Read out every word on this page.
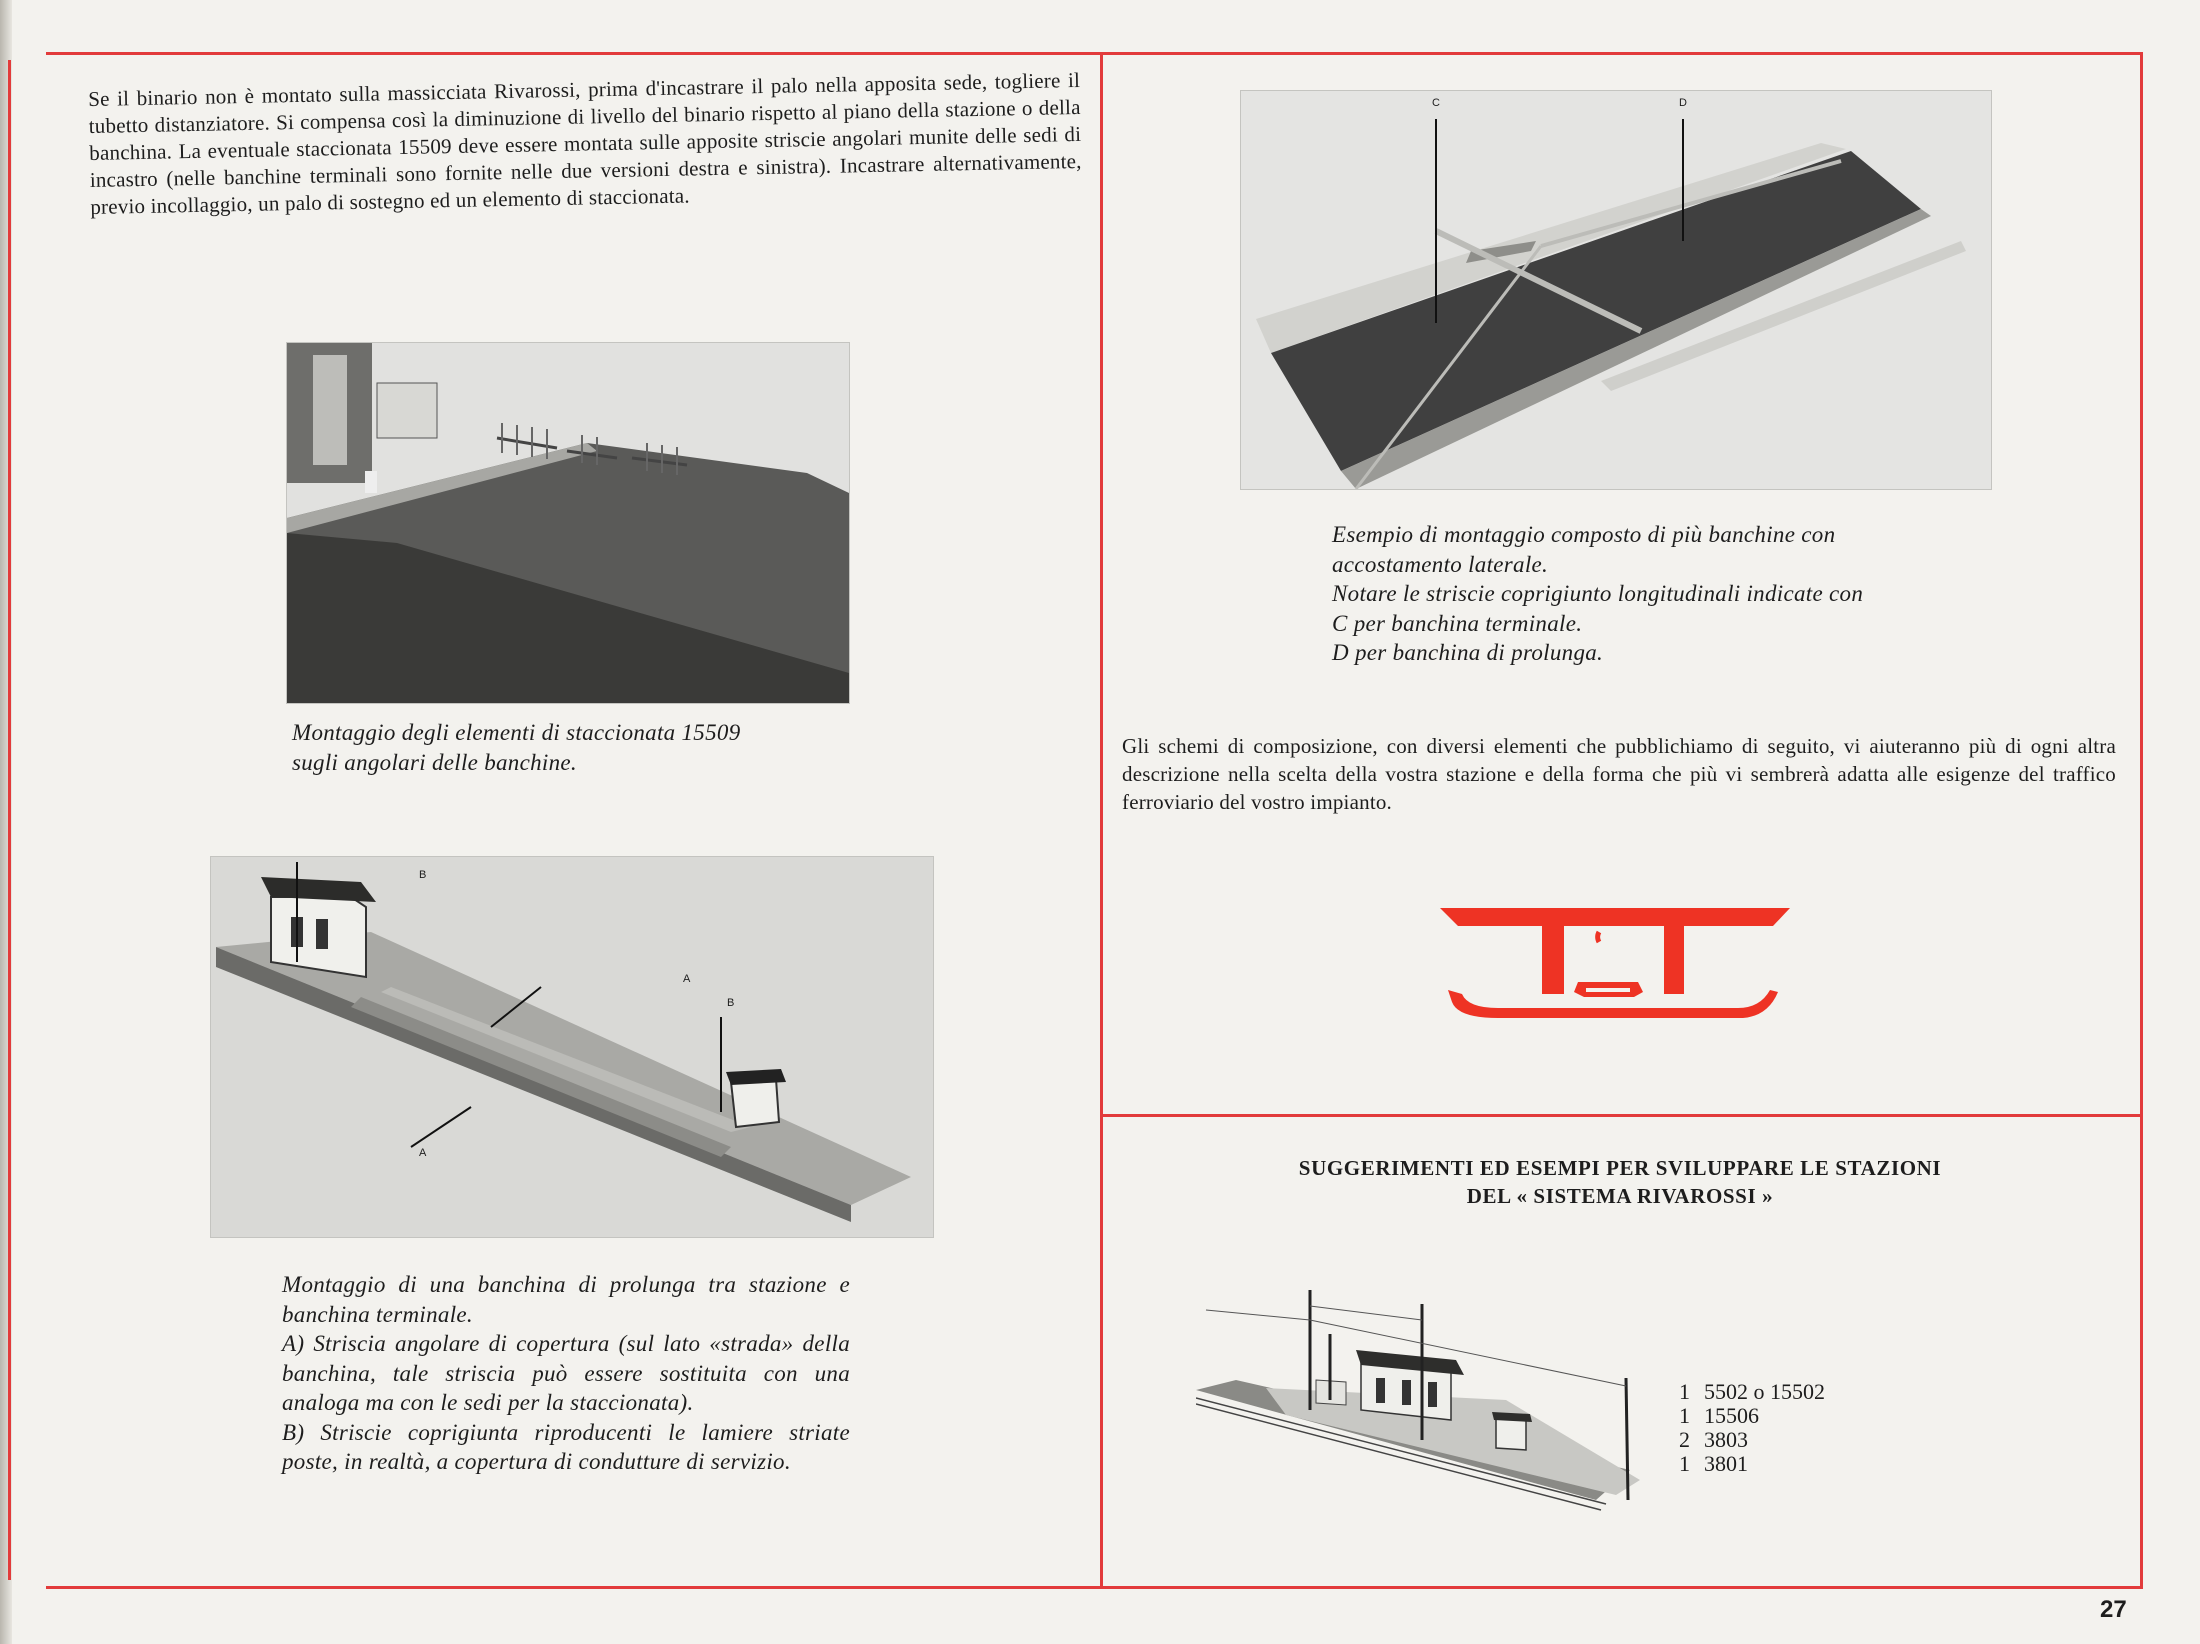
Se il binario non è montato sulla massicciata Rivarossi, prima d'incastrare il palo nella apposita sede, togliere il tubetto distanziatore. Si compensa così la diminuzione di livello del binario rispetto al piano della stazione o della banchina. La eventuale staccionata 15509 deve essere montata sulle apposite striscie angolari munite delle sedi di incastro (nelle banchine terminali sono fornite nelle due versioni destra e sinistra). Incastrare alternativamente, previo incollaggio, un palo di sostegno ed un elemento di staccionata.

Montaggio degli elementi di staccionata 15509

sugli angolari delle banchine.

B
A
B
A

Montaggio di una banchina di prolunga tra stazione e banchina terminale.

A) Striscia angolare di copertura (sul lato «strada» della banchina, tale striscia può essere sostituita con una analoga ma con le sedi per la staccionata).

B) Striscie coprigiunta riproducenti le lamiere striate poste, in realtà, a copertura di condutture di servizio.

C	D

Esempio di montaggio composto di più banchine con accostamento laterale.

Notare le striscie coprigiunto longitudinali indicate con

C per banchina terminale.

D per banchina di prolunga.

Gli schemi di composizione, con diversi elementi che pubblichiamo di seguito, vi aiuteranno più di ogni altra descrizione nella scelta della vostra stazione e della forma che più vi sembrerà adatta alle esigenze del traffico ferroviario del vostro impianto.

SUGGERIMENTI ED ESEMPI PER SVILUPPARE LE STAZIONI
DEL « SISTEMA RIVAROSSI »
1 5502 o 15502
1 15506
2 3803
1 3801
27
